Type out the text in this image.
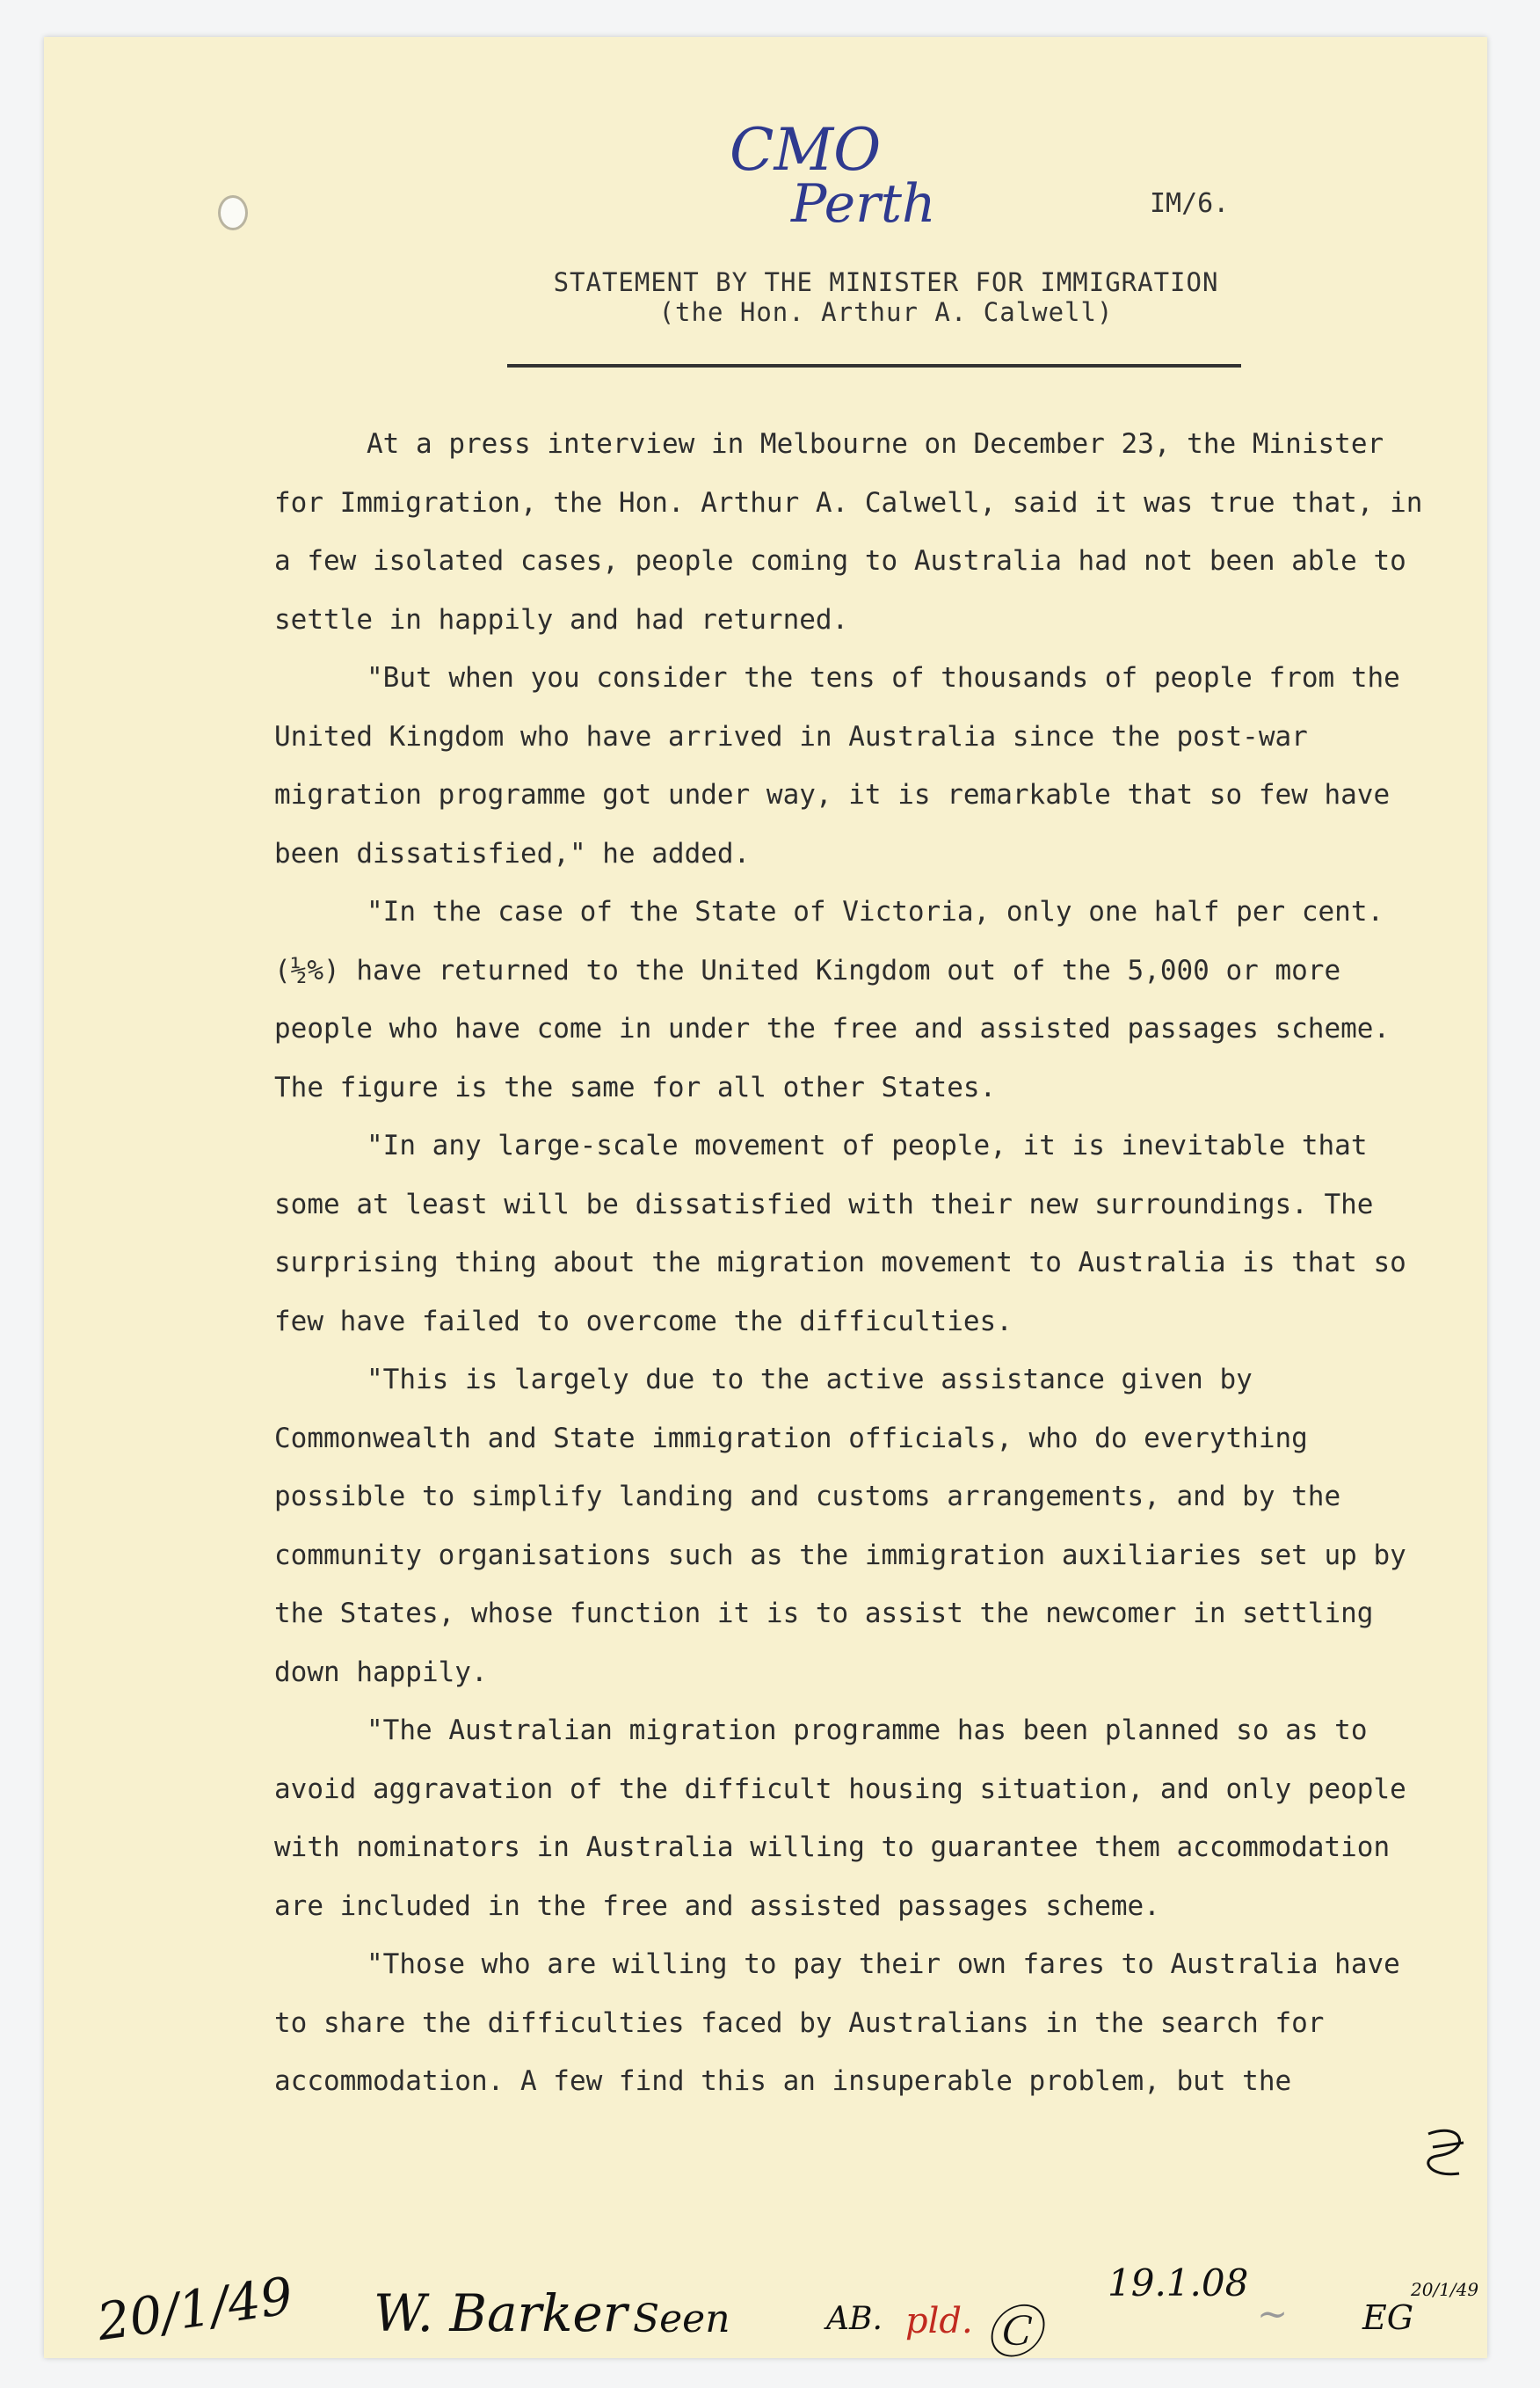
CMO
Perth	IM/6.
STATEMENT BY THE MINISTER FOR IMMIGRATION
(the Hon. Arthur A. Calwell)

At a press interview in Melbourne on December 23, the Minister for Immigration, the Hon. Arthur A. Calwell, said it was true that, in a few isolated cases, people coming to Australia had not been able to settle in happily and had returned.

"But when you consider the tens of thousands of people from the United Kingdom who have arrived in Australia since the post-war migration programme got under way, it is remarkable that so few have been dissatisfied," he added.

"In the case of the State of Victoria, only one half per cent. (½%) have returned to the United Kingdom out of the 5,000 or more people who have come in under the free and assisted passages scheme. The figure is the same for all other States.

"In any large-scale movement of people, it is inevitable that some at least will be dissatisfied with their new surroundings. The surprising thing about the migration movement to Australia is that so few have failed to overcome the difficulties.

"This is largely due to the active assistance given by Commonwealth and State immigration officials, who do everything possible to simplify landing and customs arrangements, and by the community organisations such as the immigration auxiliaries set up by the States, whose function it is to assist the newcomer in settling down happily.

"The Australian migration programme has been planned so as to avoid aggravation of the difficult housing situation, and only people with nominators in Australia willing to guarantee them accommodation are included in the free and assisted passages scheme.

"Those who are willing to pay their own fares to Australia have to share the difficulties faced by Australians in the search for accommodation. A few find this an insuperable problem, but the

20/1/49 W. Barker Seen	AB. pld. Ⓒ
19.1.08
~ EG
20/1/49
